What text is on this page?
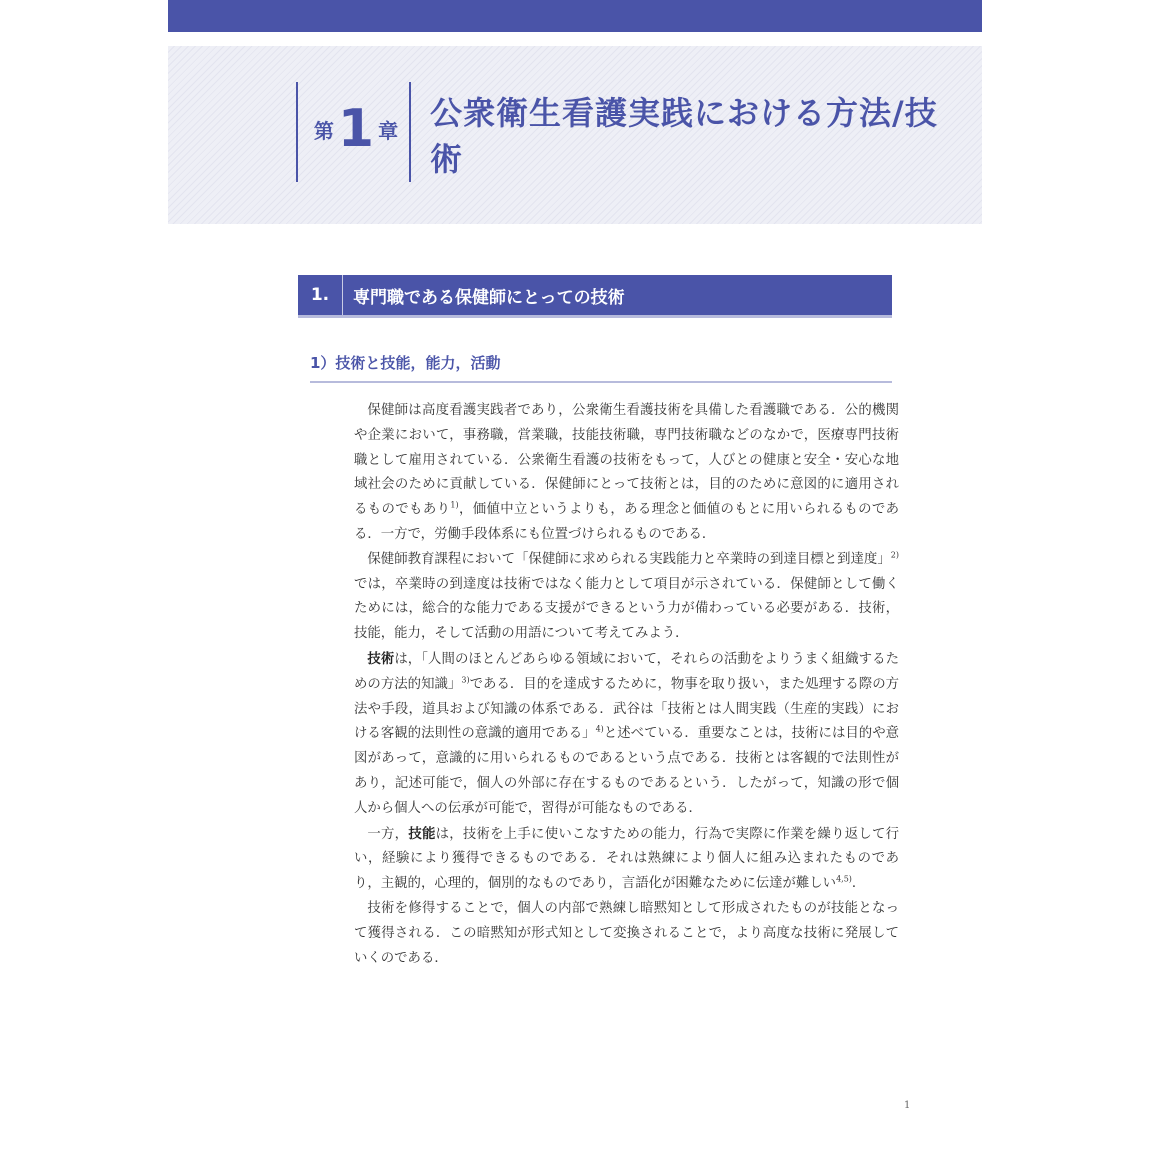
第 1 章 公衆衛生看護実践における方法/技術
1.	専門職である保健師にとっての技術
1）技術と技能，能力，活動

保健師は高度看護実践者であり，公衆衛生看護技術を具備した看護職である．公的機関や企業において，事務職，営業職，技能技術職，専門技術職などのなかで，医療専門技術職として雇用されている．公衆衛生看護の技術をもって，人びとの健康と安全・安心な地域社会のために貢献している．保健師にとって技術とは，目的のために意図的に適用されるものでもあり$^{1)}$，価値中立というよりも，ある理念と価値のもとに用いられるものである．一方で，労働手段体系にも位置づけられるものである．

保健師教育課程において「保健師に求められる実践能力と卒業時の到達目標と到達度」$^{2)}$では，卒業時の到達度は技術ではなく能力として項目が示されている．保健師として働くためには，総合的な能力である支援ができるという力が備わっている必要がある．技術，技能，能力，そして活動の用語について考えてみよう．

技術は，「人間のほとんどあらゆる領域において，それらの活動をよりうまく組織するための方法的知識」$^{3)}$である．目的を達成するために，物事を取り扱い，また処理する際の方法や手段，道具および知識の体系である．武谷は「技術とは人間実践（生産的実践）における客観的法則性の意識的適用である」$^{4)}$と述べている．重要なことは，技術には目的や意図があって，意識的に用いられるものであるという点である．技術とは客観的で法則性があり，記述可能で，個人の外部に存在するものであるという．したがって，知識の形で個人から個人への伝承が可能で，習得が可能なものである．

一方，技能は，技術を上手に使いこなすための能力，行為で実際に作業を繰り返して行い，経験により獲得できるものである．それは熟練により個人に組み込まれたものであり，主観的，心理的，個別的なものであり，言語化が困難なために伝達が難しい$^{4,5)}$．

技術を修得することで，個人の内部で熟練し暗黙知として形成されたものが技能となって獲得される．この暗黙知が形式知として変換されることで，より高度な技術に発展していくのである．

1
